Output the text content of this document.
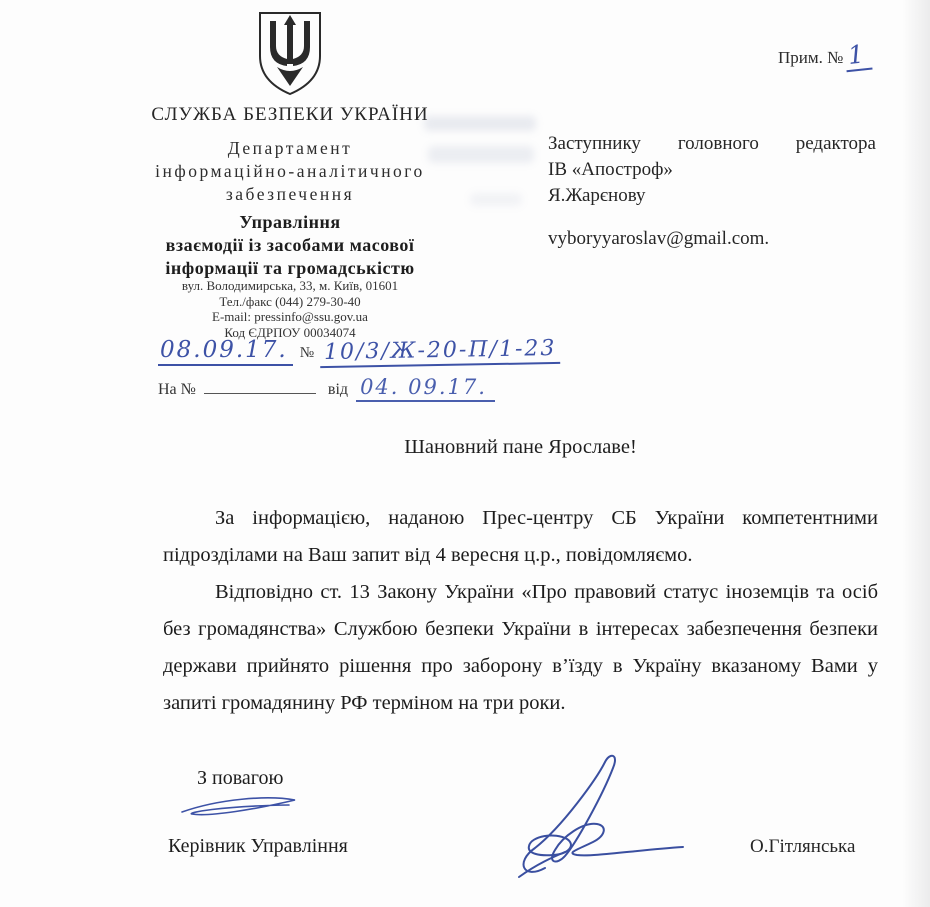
Прим. № 1
СЛУЖБА БЕЗПЕКИ УКРАЇНИ
Департамент
інформаційно-аналітичного
забезпечення
Управління
взаємодії із засобами масової
інформації та громадськістю
вул. Володимирська, 33, м. Київ, 01601
Тел./факс (044) 279-30-40
E-mail: pressinfo@ssu.gov.ua
Код ЄДРПОУ 00034074
08.09.17. № 10/3/Ж-20-П/1-23
На №	від 04. 09.17.
Заступнику головного редактора
ІВ «Апостроф»
Я.Жарєнову
vyboryyaroslav@gmail.com.
Шановний пане Ярославе!

За інформацією, наданою Прес-центру СБ України компетентними підрозділами на Ваш запит від 4 вересня ц.р., повідомляємо.

Відповідно ст. 13 Закону України «Про правовий статус іноземців та осіб без громадянства» Службою безпеки України в інтересах забезпечення безпеки держави прийнято рішення про заборону в’їзду в Україну вказаному Вами у запиті громадянину РФ терміном на три роки.

З повагою
Керівник Управління	О.Гітлянська
